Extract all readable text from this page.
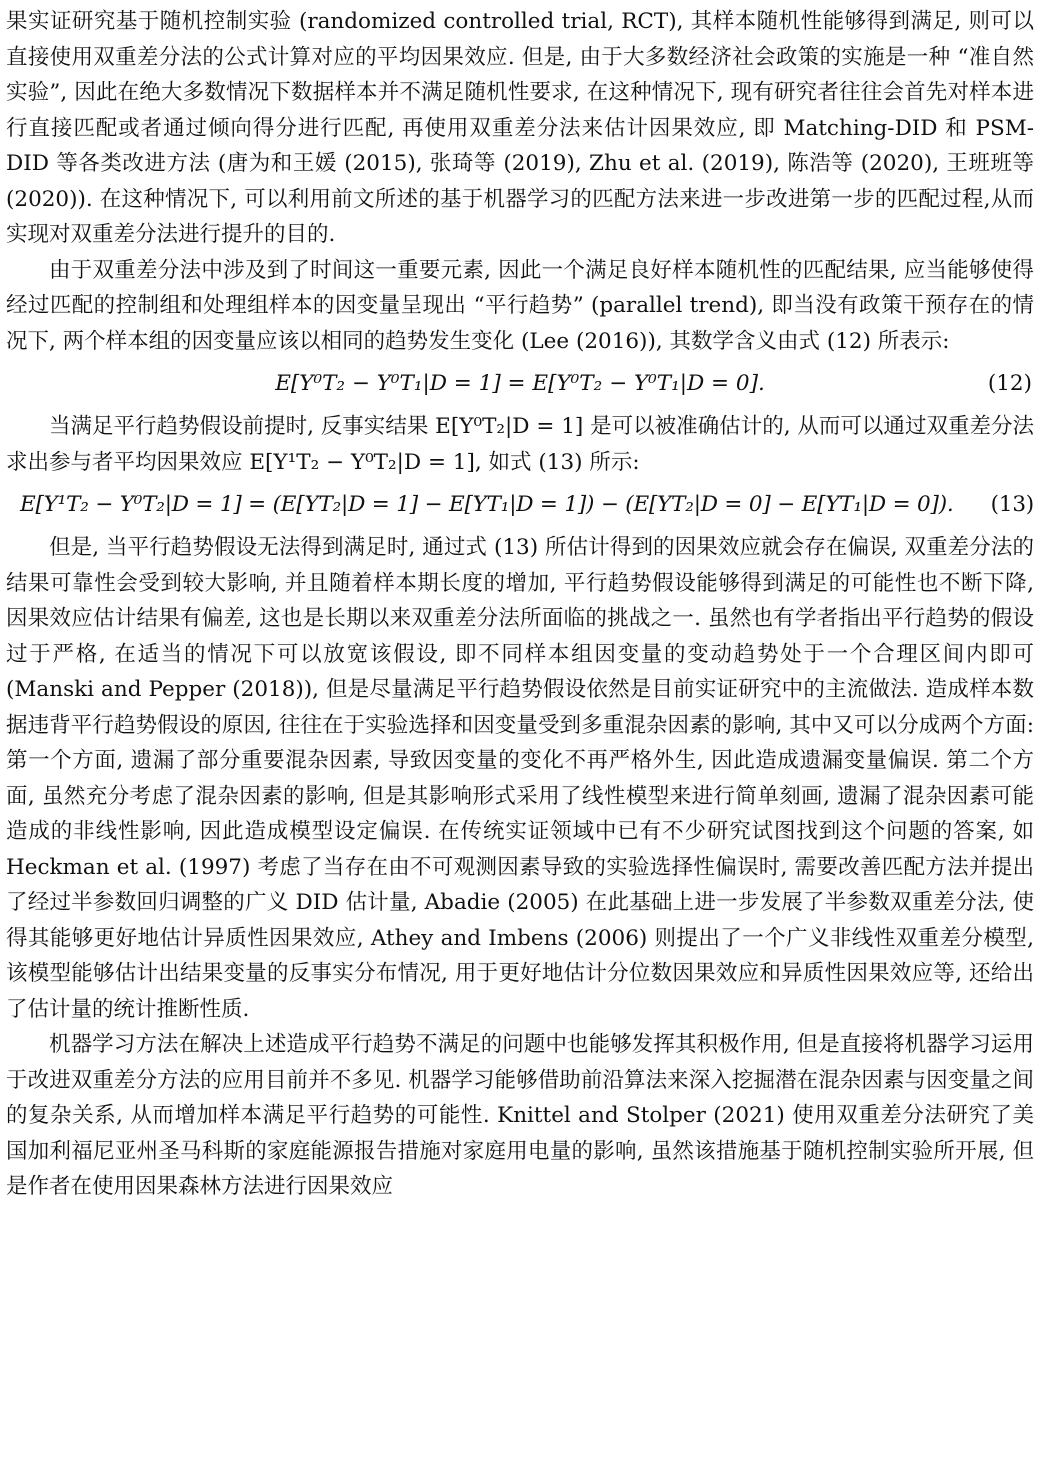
果实证研究基于随机控制实验 (randomized controlled trial, RCT), 其样本随机性能够得到满足, 则可以直接使用双重差分法的公式计算对应的平均因果效应. 但是, 由于大多数经济社会政策的实施是一种 “准自然实验”, 因此在绝大多数情况下数据样本并不满足随机性要求, 在这种情况下, 现有研究者往往会首先对样本进行直接匹配或者通过倾向得分进行匹配, 再使用双重差分法来估计因果效应, 即 Matching-DID 和 PSM-DID 等各类改进方法 (唐为和王媛 (2015), 张琦等 (2019), Zhu et al. (2019), 陈浩等 (2020), 王班班等 (2020)). 在这种情况下, 可以利用前文所述的基于机器学习的匹配方法来进一步改进第一步的匹配过程,从而实现对双重差分法进行提升的目的.

由于双重差分法中涉及到了时间这一重要元素, 因此一个满足良好样本随机性的匹配结果, 应当能够使得经过匹配的控制组和处理组样本的因变量呈现出 “平行趋势” (parallel trend), 即当没有政策干预存在的情况下, 两个样本组的因变量应该以相同的趋势发生变化 (Lee (2016)), 其数学含义由式 (12) 所表示:

E[Y⁰T₂ − Y⁰T₁|D = 1] = E[Y⁰T₂ − Y⁰T₁|D = 0].	(12)

当满足平行趋势假设前提时, 反事实结果 E[Y⁰T₂|D = 1] 是可以被准确估计的, 从而可以通过双重差分法求出参与者平均因果效应 E[Y¹T₂ − Y⁰T₂|D = 1], 如式 (13) 所示:

E[Y¹T₂ − Y⁰T₂|D = 1] = (E[YT₂|D = 1] − E[YT₁|D = 1]) − (E[YT₂|D = 0] − E[YT₁|D = 0]). (13)

但是, 当平行趋势假设无法得到满足时, 通过式 (13) 所估计得到的因果效应就会存在偏误, 双重差分法的结果可靠性会受到较大影响, 并且随着样本期长度的增加, 平行趋势假设能够得到满足的可能性也不断下降, 因果效应估计结果有偏差, 这也是长期以来双重差分法所面临的挑战之一. 虽然也有学者指出平行趋势的假设过于严格, 在适当的情况下可以放宽该假设, 即不同样本组因变量的变动趋势处于一个合理区间内即可 (Manski and Pepper (2018)), 但是尽量满足平行趋势假设依然是目前实证研究中的主流做法. 造成样本数据违背平行趋势假设的原因, 往往在于实验选择和因变量受到多重混杂因素的影响, 其中又可以分成两个方面: 第一个方面, 遗漏了部分重要混杂因素, 导致因变量的变化不再严格外生, 因此造成遗漏变量偏误. 第二个方面, 虽然充分考虑了混杂因素的影响, 但是其影响形式采用了线性模型来进行简单刻画, 遗漏了混杂因素可能造成的非线性影响, 因此造成模型设定偏误. 在传统实证领域中已有不少研究试图找到这个问题的答案, 如 Heckman et al. (1997) 考虑了当存在由不可观测因素导致的实验选择性偏误时, 需要改善匹配方法并提出了经过半参数回归调整的广义 DID 估计量, Abadie (2005) 在此基础上进一步发展了半参数双重差分法, 使得其能够更好地估计异质性因果效应, Athey and Imbens (2006) 则提出了一个广义非线性双重差分模型, 该模型能够估计出结果变量的反事实分布情况, 用于更好地估计分位数因果效应和异质性因果效应等, 还给出了估计量的统计推断性质.

机器学习方法在解决上述造成平行趋势不满足的问题中也能够发挥其积极作用, 但是直接将机器学习运用于改进双重差分方法的应用目前并不多见. 机器学习能够借助前沿算法来深入挖掘潜在混杂因素与因变量之间的复杂关系, 从而增加样本满足平行趋势的可能性. Knittel and Stolper (2021) 使用双重差分法研究了美国加利福尼亚州圣马科斯的家庭能源报告措施对家庭用电量的影响, 虽然该措施基于随机控制实验所开展, 但是作者在使用因果森林方法进行因果效应
